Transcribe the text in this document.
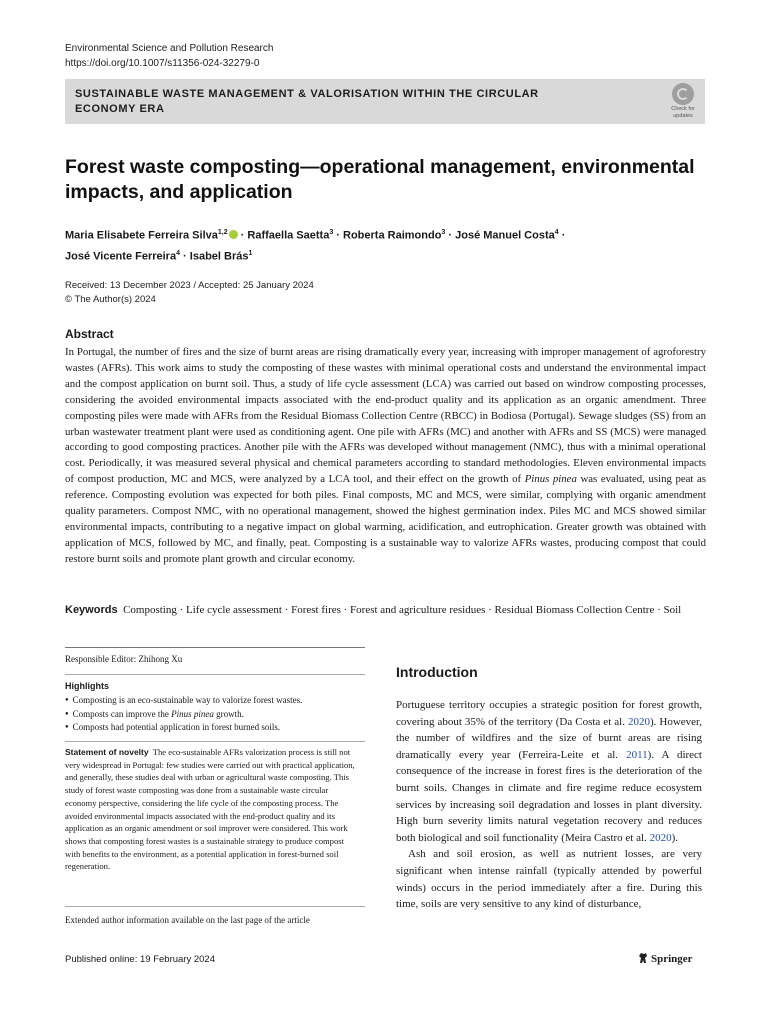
Environmental Science and Pollution Research
https://doi.org/10.1007/s11356-024-32279-0
SUSTAINABLE WASTE MANAGEMENT & VALORISATION WITHIN THE CIRCULAR ECONOMY ERA	Check for
updates
Forest waste composting—operational management, environmental impacts, and application
Maria Elisabete Ferreira Silva$^{1,2}$ · Raffaella Saetta$^3$ · Roberta Raimondo$^3$ · José Manuel Costa$^4$ ·
José Vicente Ferreira$^4$ · Isabel Brás$^1$
Received: 13 December 2023 / Accepted: 25 January 2024
© The Author(s) 2024
Abstract
In Portugal, the number of fires and the size of burnt areas are rising dramatically every year, increasing with improper management of agroforestry wastes (AFRs). This work aims to study the composting of these wastes with minimal operational costs and understand the environmental impact and the compost application on burnt soil. Thus, a study of life cycle assessment (LCA) was carried out based on windrow composting processes, considering the avoided environmental impacts associated with the end-product quality and its application as an organic amendment. Three composting piles were made with AFRs from the Residual Biomass Collection Centre (RBCC) in Bodiosa (Portugal). Sewage sludges (SS) from an urban wastewater treatment plant were used as conditioning agent. One pile with AFRs (MC) and another with AFRs and SS (MCS) were managed according to good composting practices. Another pile with the AFRs was developed without management (NMC), thus with a minimal operational cost. Periodically, it was measured several physical and chemical parameters according to standard methodologies. Eleven environmental impacts of compost production, MC and MCS, were analyzed by a LCA tool, and their effect on the growth of Pinus pinea was evaluated, using peat as reference. Composting evolution was expected for both piles. Final composts, MC and MCS, were similar, complying with organic amendment quality parameters. Compost NMC, with no operational management, showed the highest germination index. Piles MC and MCS showed similar environmental impacts, contributing to a negative impact on global warming, acidification, and eutrophication. Greater growth was obtained with application of MCS, followed by MC, and finally, peat. Composting is a sustainable way to valorize AFRs wastes, producing compost that could restore burnt soils and promote plant growth and circular economy.
Keywords Composting · Life cycle assessment · Forest fires · Forest and agriculture residues · Residual Biomass Collection Centre · Soil
Responsible Editor: Zhihong Xu
Highlights
● Composting is an eco-sustainable way to valorize forest wastes.
● Composts can improve the Pinus pinea growth.
● Composts had potential application in forest burned soils.
Statement of novelty The eco-sustainable AFRs valorization process is still not very widespread in Portugal: few studies were carried out with practical application, and generally, these studies deal with urban or agricultural waste composting. This study of forest waste composting was done from a sustainable waste circular economy perspective, considering the life cycle of the composting process. The avoided environmental impacts associated with the end-product quality and its application as an organic amendment or soil improver were considered. This work shows that composting forest wastes is a sustainable strategy to produce compost with benefits to the environment, as a potential application in forest-burned soil regeneration.
Extended author information available on the last page of the article
Introduction

Portuguese territory occupies a strategic position for forest growth, covering about 35% of the territory (Da Costa et al. 2020). However, the number of wildfires and the size of burnt areas are rising dramatically every year (Ferreira-Leite et al. 2011). A direct consequence of the increase in forest fires is the deterioration of the burnt soils. Changes in climate and fire regime reduce ecosystem services by increasing soil degradation and losses in plant diversity. High burn severity limits natural vegetation recovery and reduces both biological and soil functionality (Meira Castro et al. 2020).

Ash and soil erosion, as well as nutrient losses, are very significant when intense rainfall (typically attended by powerful winds) occurs in the period immediately after a fire. During this time, soils are very sensitive to any kind of disturbance,

Published online: 19 February 2024	Springer
